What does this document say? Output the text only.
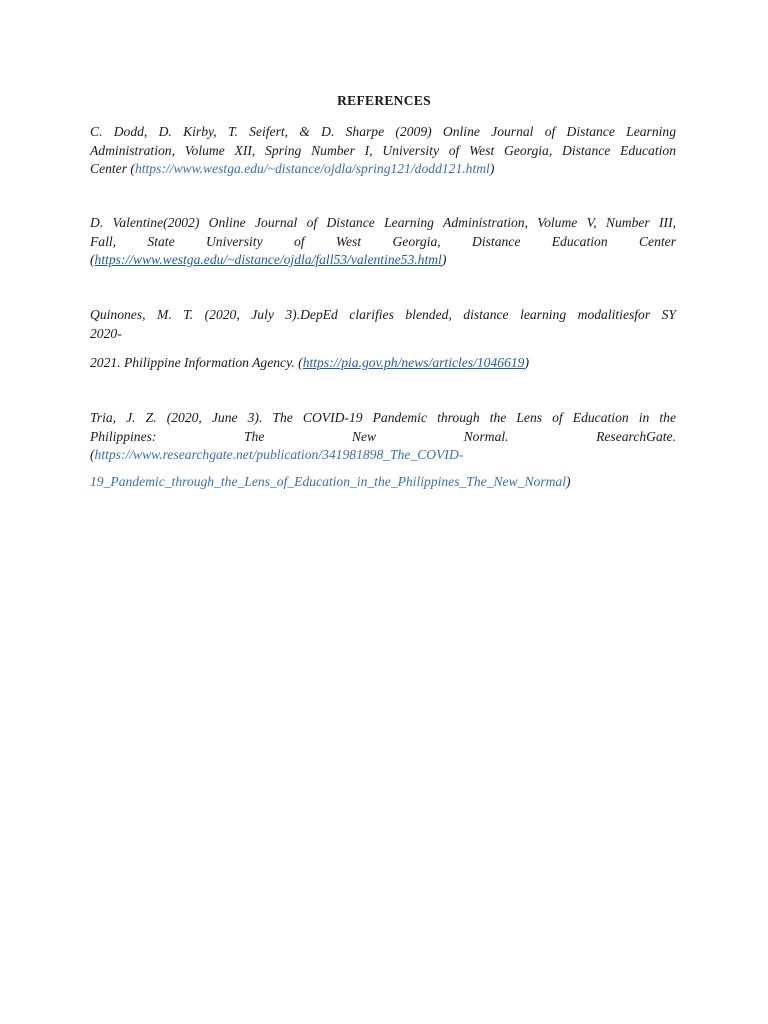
REFERENCES
C. Dodd, D. Kirby, T. Seifert, & D. Sharpe (2009) Online Journal of Distance Learning
Administration, Volume XII, Spring Number I, University of West Georgia, Distance Education
Center (https://www.westga.edu/~distance/ojdla/spring121/dodd121.html)
D. Valentine(2002) Online Journal of Distance Learning Administration, Volume V, Number III,
Fall, State University of West Georgia, Distance Education Center
(https://www.westga.edu/~distance/ojdla/fall53/valentine53.html)
Quinones, M. T. (2020, July 3).DepEd clarifies blended, distance learning modalitiesfor SY
2020-
2021. Philippine Information Agency. (https://pia.gov.ph/news/articles/1046619)
Tria, J. Z. (2020, June 3). The COVID-19 Pandemic through the Lens of Education in the
Philippines: The New Normal. ResearchGate.
(https://www.researchgate.net/publication/341981898_The_COVID-
19_Pandemic_through_the_Lens_of_Education_in_the_Philippines_The_New_Normal)
